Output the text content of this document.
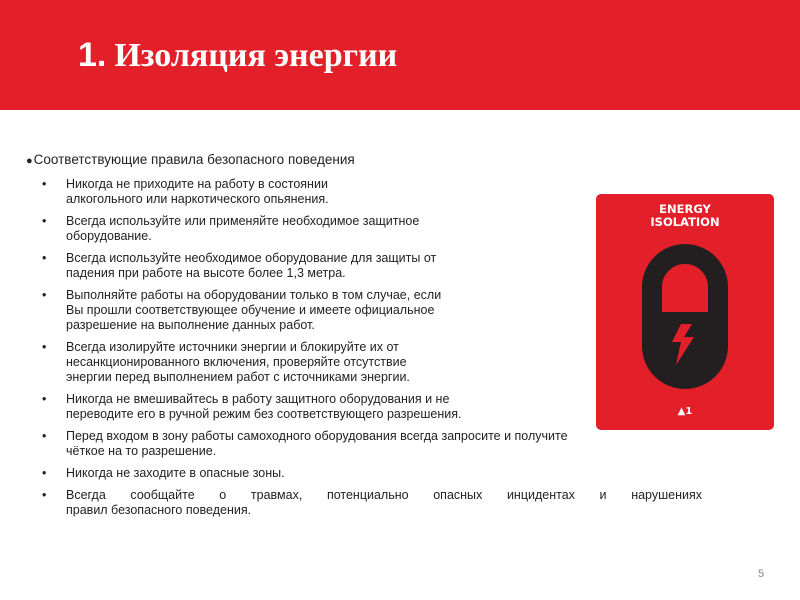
1. Изоляция энергии
●Соответствующие правила безопасного поведения
• Никогда не приходите на работу в состоянии
алкогольного или наркотического опьянения.
• Всегда используйте или применяйте необходимое защитное
оборудование.
• Всегда используйте необходимое оборудование для защиты от
падения при работе на высоте более 1,3 метра.
• Выполняйте работы на оборудовании только в том случае, если
Вы прошли соответствующее обучение и имеете официальное
разрешение на выполнение данных работ.
• Всегда изолируйте источники энергии и блокируйте их от
несанкционированного включения, проверяйте отсутствие
энергии перед выполнением работ с источниками энергии.
• Никогда не вмешивайтесь в работу защитного оборудования и не
переводите его в ручной режим без соответствующего разрешения.
• Перед входом в зону работы самоходного оборудования всегда запросите и получите
чёткое на то разрешение.
• Никогда не заходите в опасные зоны.
• Всегда сообщайте о травмах, потенциально опасных инцидентах и нарушениях
правил безопасного поведения.
ENERGY
ISOLATION
▲1
5
